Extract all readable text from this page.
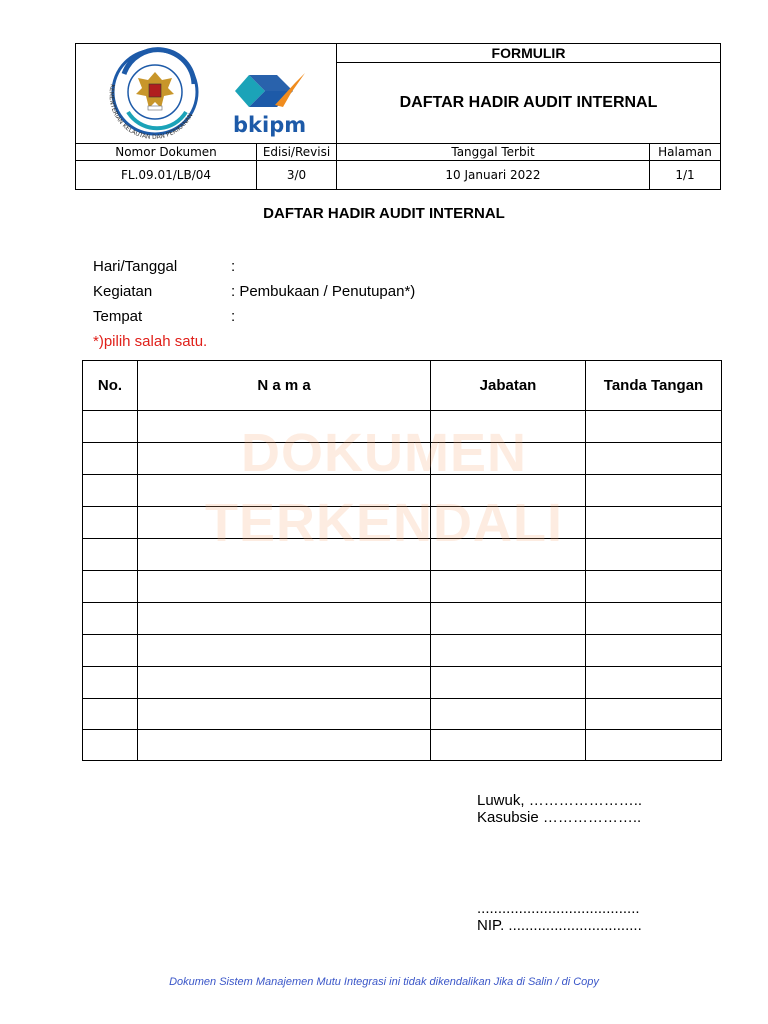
KEMENTERIAN KELAUTAN DAN PERIKANAN bkipm
FORMULIR
DAFTAR HADIR AUDIT INTERNAL
Nomor Dokumen	Edisi/Revisi	Tanggal Terbit	Halaman
FL.09.01/LB/04	3/0	10 Januari 2022	1/1
DAFTAR HADIR AUDIT INTERNAL
Hari/Tanggal	:
Kegiatan	: Pembukaan / Penutupan*)
Tempat	:
*)pilih salah satu.
No.	N a m a	Jabatan	Tanda Tangan
DOKUMEN
TERKENDALI
Luwuk, …………………..
Kasubsie ………………..
.......................................
NIP. ................................
Dokumen Sistem Manajemen Mutu Integrasi ini tidak dikendalikan Jika di Salin / di Copy
